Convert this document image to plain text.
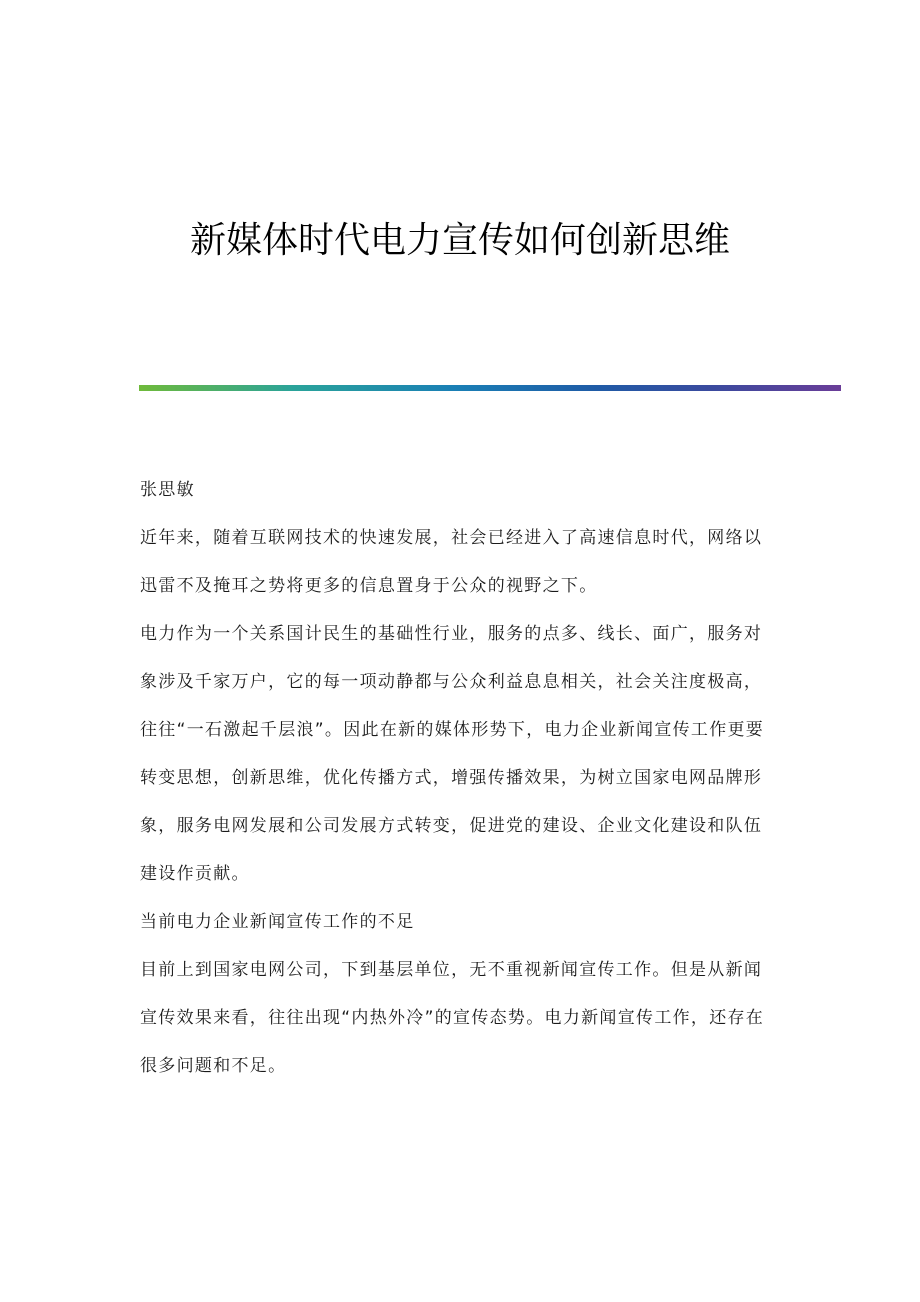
新媒体时代电力宣传如何创新思维

张思敏

近年来，随着互联网技术的快速发展，社会已经进入了高速信息时代，网络以迅雷不及掩耳之势将更多的信息置身于公众的视野之下。

电力作为一个关系国计民生的基础性行业，服务的点多、线长、面广，服务对象涉及千家万户，它的每一项动静都与公众利益息息相关，社会关注度极高，往往“一石激起千层浪”。因此在新的媒体形势下，电力企业新闻宣传工作更要转变思想，创新思维，优化传播方式，增强传播效果，为树立国家电网品牌形象，服务电网发展和公司发展方式转变，促进党的建设、企业文化建设和队伍建设作贡献。

当前电力企业新闻宣传工作的不足

目前上到国家电网公司，下到基层单位，无不重视新闻宣传工作。但是从新闻宣传效果来看，往往出现“内热外冷”的宣传态势。电力新闻宣传工作，还存在很多问题和不足。
